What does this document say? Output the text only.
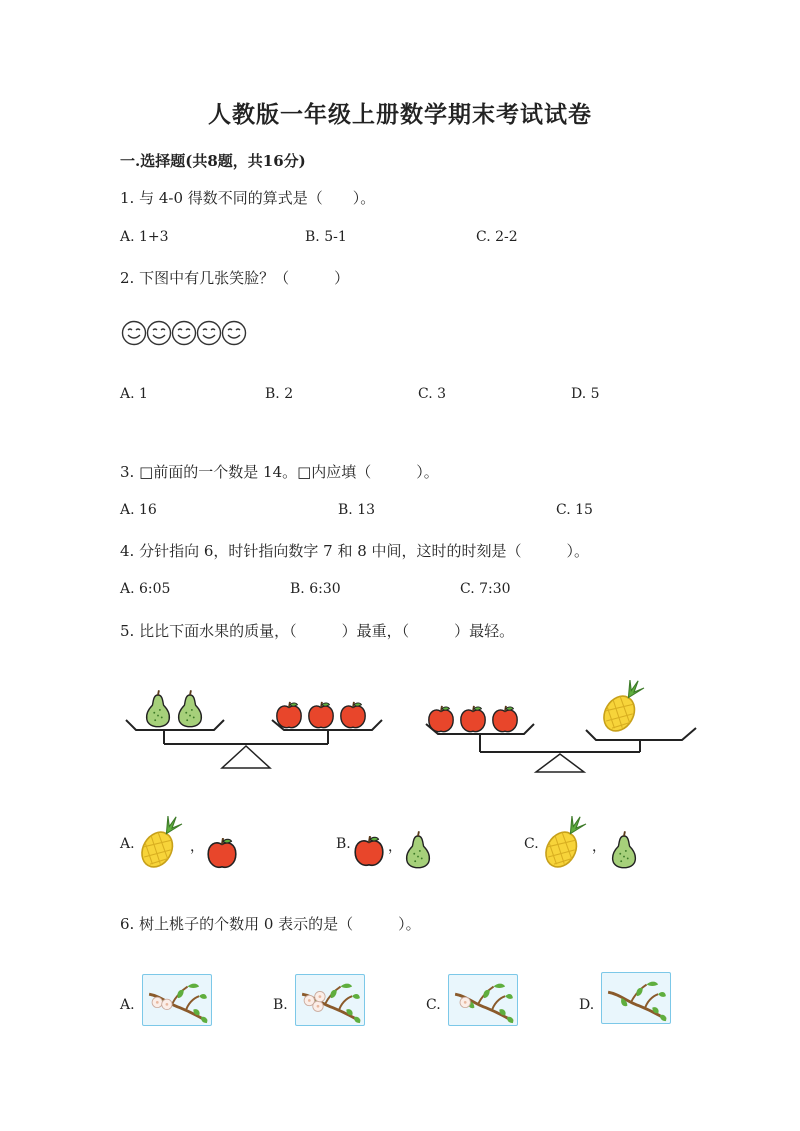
人教版一年级上册数学期末考试试卷
一.选择题(共8题，共16分)
1. 与 4-0 得数不同的算式是（　　）。
A. 1+3	B. 5-1	C. 2-2
2. 下图中有几张笑脸？（　　　）
A. 1	B. 2	C. 3	D. 5
3. □前面的一个数是 14。□内应填（　　　）。
A. 16	B. 13	C. 15
4. 分针指向 6，时针指向数字 7 和 8 中间，这时的时刻是（　　　）。
A. 6:05	B. 6:30	C. 7:30
5. 比比下面水果的质量，（　　　）最重，（　　　）最轻。
A.	，	B.	，	C.	，
6. 树上桃子的个数用 0 表示的是（　　　）。
A.	B.	C.	D.
